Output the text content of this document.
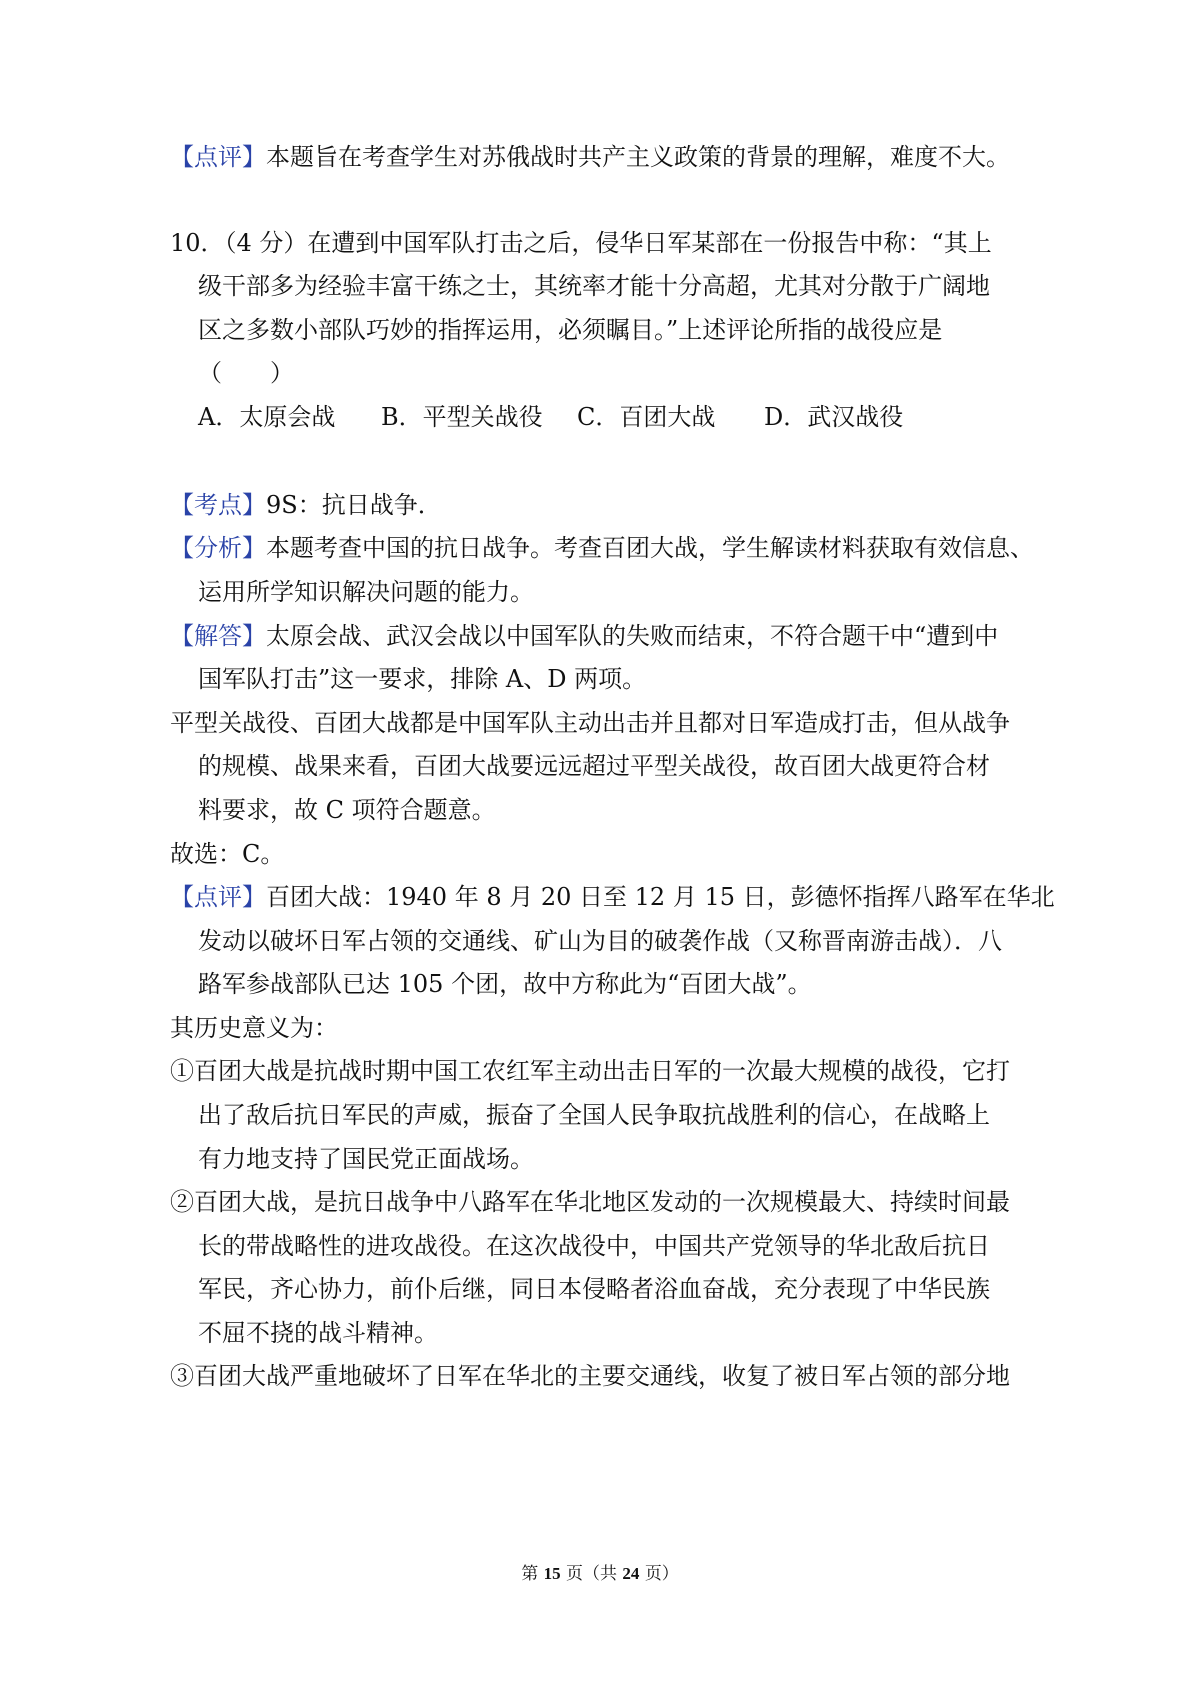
【点评】本题旨在考查学生对苏俄战时共产主义政策的背景的理解，难度不大。
10．（4 分）在遭到中国军队打击之后，侵华日军某部在一份报告中称：“其上
级干部多为经验丰富干练之士，其统率才能十分高超，尤其对分散于广阔地
区之多数小部队巧妙的指挥运用，必须瞩目。”上述评论所指的战役应是
（　　）
A．太原会战 B．平型关战役 C．百团大战 D．武汉战役
【考点】9S：抗日战争．
【分析】本题考查中国的抗日战争。考查百团大战，学生解读材料获取有效信息、
运用所学知识解决问题的能力。
【解答】太原会战、武汉会战以中国军队的失败而结束，不符合题干中“遭到中
国军队打击”这一要求，排除 A、D 两项。
平型关战役、百团大战都是中国军队主动出击并且都对日军造成打击，但从战争
的规模、战果来看，百团大战要远远超过平型关战役，故百团大战更符合材
料要求，故 C 项符合题意。
故选：C。
【点评】百团大战：1940 年 8 月 20 日至 12 月 15 日，彭德怀指挥八路军在华北
发动以破坏日军占领的交通线、矿山为目的破袭作战（又称晋南游击战）．八
路军参战部队已达 105 个团，故中方称此为“百团大战”。
其历史意义为：
①百团大战是抗战时期中国工农红军主动出击日军的一次最大规模的战役，它打
出了敌后抗日军民的声威，振奋了全国人民争取抗战胜利的信心，在战略上
有力地支持了国民党正面战场。
②百团大战，是抗日战争中八路军在华北地区发动的一次规模最大、持续时间最
长的带战略性的进攻战役。在这次战役中，中国共产党领导的华北敌后抗日
军民，齐心协力，前仆后继，同日本侵略者浴血奋战，充分表现了中华民族
不屈不挠的战斗精神。
③百团大战严重地破坏了日军在华北的主要交通线，收复了被日军占领的部分地
第 15 页（共 24 页）
